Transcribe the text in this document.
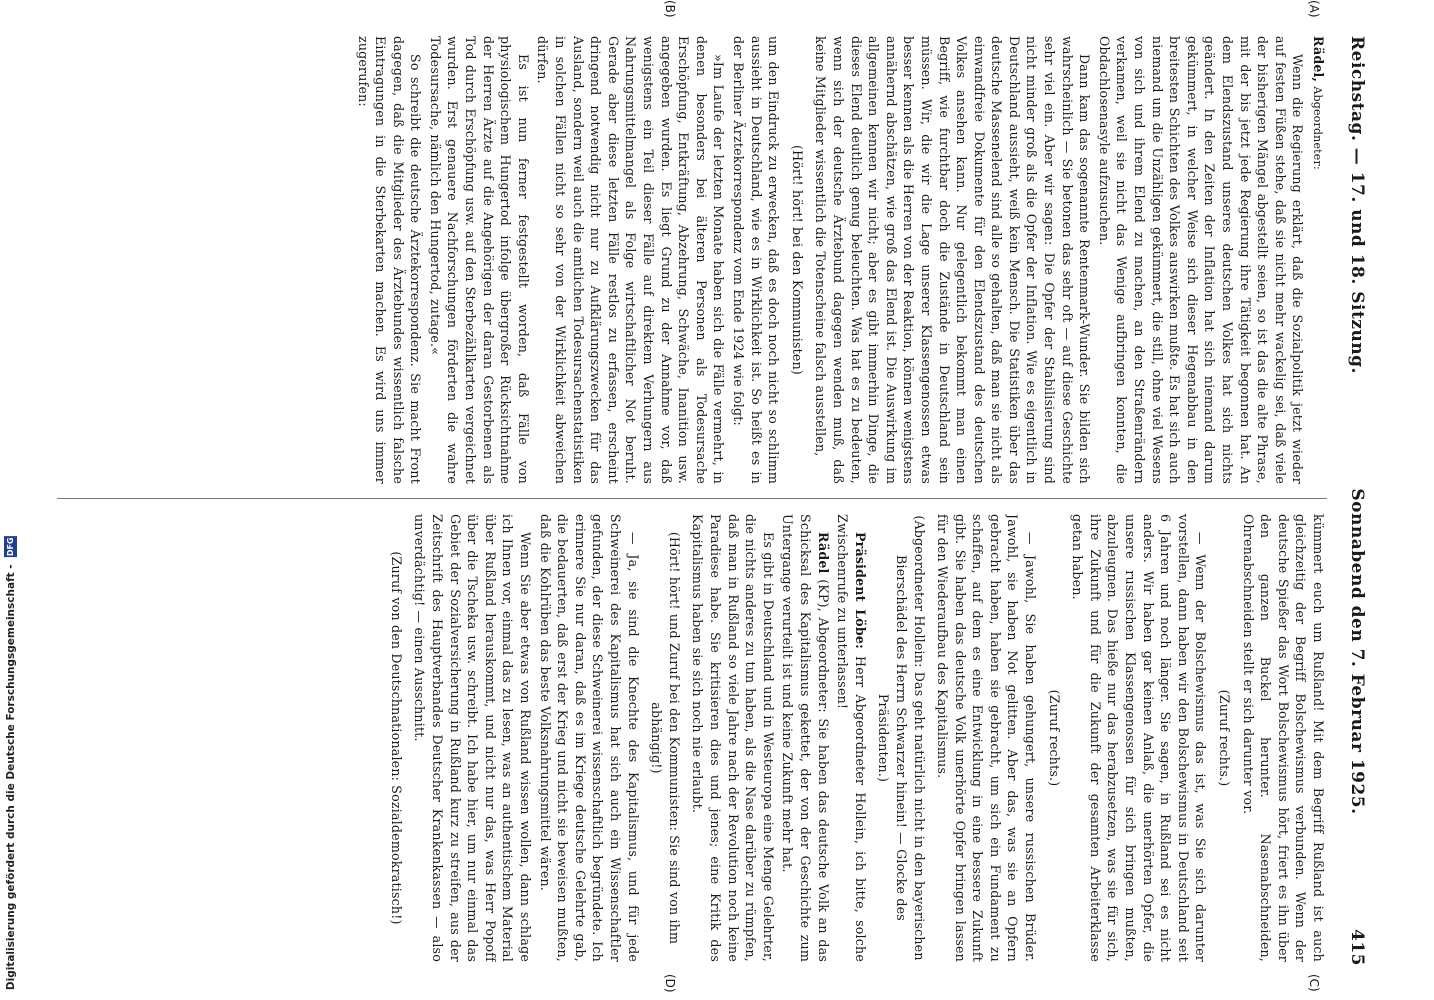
Reichstag. — 17. und 18. Sitzung.
Sonnabend den 7. Februar 1925.
415
(A)
(B)
(C)
(D)

Rädel, Abgeordneter:

Wenn die Regierung erklärt, daß die Sozialpolitik jetzt wieder auf festen Füßen stehe, daß sie nicht mehr wackelig sei, daß viele der bisherigen Mängel abgestellt seien, so ist das die alte Phrase, mit der bis jetzt jede Regierung ihre Tätigkeit begonnen hat. An dem Elendszustand unseres deutschen Volkes hat sich nichts geändert. In den Zeiten der Inflation hat sich niemand darum gekümmert, in welcher Weise sich dieser Hegenabbau in den breitesten Schichten des Volkes auswirken mußte. Es hat sich auch niemand um die Unzähligen gekümmert, die still, ohne viel Wesens von sich und ihrem Elend zu machen, an den Straßenrändern verkamen, weil sie nicht das Wenige aufbringen konnten, die Obdachlosenasyle aufzusuchen.

Dann kam das sogenannte Rentenmark-Wunder. Sie bilden sich wahrscheinlich — Sie betonen das sehr oft — auf diese Geschichte sehr viel ein. Aber wir sagen: Die Opfer der Stabilisierung sind nicht minder groß als die Opfer der Inflation. Wie es eigentlich in Deutschland aussieht, weiß kein Mensch. Die Statistiken über das deutsche Massenelend sind alle so gehalten, daß man sie nicht als einwandfreie Dokumente für den Elendszustand des deutschen Volkes ansehen kann. Nur gelegentlich bekommt man einen Begriff, wie furchtbar doch die Zustände in Deutschland sein müssen. Wir, die wir die Lage unserer Klassengenossen etwas besser kennen als die Herren von der Reaktion, können wenigstens annähernd abschätzen, wie groß das Elend ist. Die Auswirkung im allgemeinen kennen wir nicht; aber es gibt immerhin Dinge, die dieses Elend deutlich genug beleuchten. Was hat es zu bedeuten, wenn sich der deutsche Ärztebund dagegen wenden muß, daß keine Mitglieder wissentlich die Totenscheine falsch ausstellen,

(Hört! hört! bei den Kommunisten)

um den Eindruck zu erwecken, daß es doch noch nicht so schlimm aussieht in Deutschland, wie es in Wirklichkeit ist. So heißt es in der Berliner Ärztekorrespondenz vom Ende 1924 wie folgt:

»Im Laufe der letzten Monate haben sich die Fälle vermehrt, in denen besonders bei älteren Personen als Todesursache Erschöpfung, Entkräftung, Abzehrung, Schwäche, Inanition usw. angegeben wurden. Es liegt Grund zu der Annahme vor, daß wenigstens ein Teil dieser Fälle auf direktem Verhungern aus Nahrungsmittelmangel als Folge wirtschaftlicher Not beruht. Gerade aber diese letzten Fälle restlos zu erfassen, erscheint dringend notwendig nicht nur zu Aufklärungszwecken für das Ausland, sondern weil auch die amtlichen Todesursachenstatistiken in solchen Fällen nicht so sehr von der Wirklichkeit abweichen dürfen.

Es ist nun ferner festgestellt worden, daß Fälle von physiologischem Hungertod infolge übergroßer Rücksichtnahme der Herren Ärzte auf die Angehörigen der daran Gestorbenen als Tod durch Erschöpfung usw. auf den Sterbezählkarten vergeichnet wurden. Erst genauere Nachforschungen förderten die wahre Todesursache, nämlich den Hungertod, zutage.«

So schreibt die deutsche Ärztekorrespondenz. Sie macht Front dagegen, daß die Mitglieder des Ärztebundes wissentlich falsche Eintragungen in die Sterbekarten machen. Es wird uns immer zugerufen:

kümmert euch um Rußland! Mit dem Begriff Rußland ist auch gleichzeitig der Begriff Bolschewismus verbunden. Wenn der deutsche Spießer das Wort Bolschewismus hört, friert es ihn über den ganzen Buckel herunter. Nasenabschneiden, Ohrenabschneiden stellt er sich darunter vor.

(Zuruf rechts.)

— Wenn der Bolschewismus das ist, was Sie sich darunter vorstellen, dann haben wir den Bolschewismus in Deutschland seit 6 Jahren und noch länger. Sie sagen, in Rußland sei es nicht anders. Wir haben gar keinen Anlaß, die unerhörten Opfer, die unsere russischen Klassengenossen für sich bringen mußten, abzuleugnen. Das hieße nur das herabzusetzen, was sie für sich, ihre Zukunft und für die Zukunft der gesamten Arbeiterklasse getan haben.

(Zuruf rechts.)

— Jawohl, Sie haben gehungert, unsere russischen Brüder. Jawohl, sie haben Not gelitten. Aber das, was sie an Opfern gebracht haben, haben sie gebracht, um sich ein Fundament zu schaffen, auf dem es eine Entwicklung in eine bessere Zukunft gibt. Sie haben das deutsche Volk unerhörte Opfer bringen lassen für den Wiederaufbau des Kapitalismus.

(Abgeordneter Hollein: Das geht natürlich nicht in den bayerischen Bierschädel des Herrn Schwarzer hinein! — Glocke des Präsidenten.)

Präsident Löbe: Herr Abgeordneter Hollein, ich bitte, solche Zwischenrufe zu unterlassen!

Rädel (KP), Abgeordneter: Sie haben das deutsche Volk an das Schicksal des Kapitalismus gekettet, der von der Geschichte zum Untergange verurteilt ist und keine Zukunft mehr hat.

Es gibt in Deutschland und in Westeuropa eine Menge Gelehrter, die nichts anderes zu tun haben, als die Nase darüber zu rümpfen, daß man in Rußland so viele Jahre nach der Revolution noch keine Paradiese habe. Sie kritisieren dies und jenes; eine Kritik des Kapitalismus haben sie sich noch nie erlaubt.

(Hört! hört! und Zuruf bei den Kommunisten: Sie sind von ihm abhängig!)

— Ja, sie sind die Knechte des Kapitalismus, und für jede Schweinerei des Kapitalismus hat sich auch ein Wissenschaftler gefunden, der diese Schweinerei wissenschaftlich begründete. Ich erinnere Sie nur daran, daß es im Kriege deutsche Gelehrte gab, die bedauerten, daß erst der Krieg und nicht sie beweisen mußten, daß die Kohlrüben das beste Volksnahrungsmittel wären.

Wenn Sie aber etwas von Rußland wissen wollen, dann schlage ich Ihnen vor, einmal das zu lesen, was an authentischem Material über Rußland herauskommt, und nicht nur das, was Herr Popoff über die Tscheka usw. schreibt. Ich habe hier, um nur einmal das Gebiet der Sozialversicherung in Rußland kurz zu streifen, aus der Zeitschrift des Hauptverbandes Deutscher Krankenkassen — also unverdächtig! — einen Ausschnitt.

(Zuruf von den Deutschnationalen: Sozialdemokratisch!)

Digitalisierung gefördert durch die Deutsche Forschungsgemeinschaft - DFG
